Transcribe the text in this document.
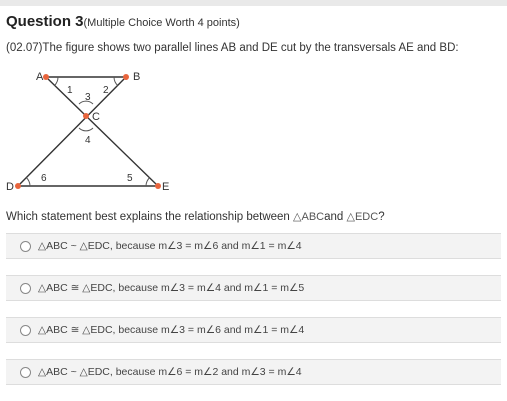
Question 3(Multiple Choice Worth 4 points)
(02.07)The figure shows two parallel lines AB and DE cut by the transversals AE and BD:
A	B
C
D	E
1	2
3
4
6	5
Which statement best explains the relationship between △ABCand △EDC?
△ABC ~ △EDC, because m∠3 = m∠6 and m∠1 = m∠4
△ABC ≅ △EDC, because m∠3 = m∠4 and m∠1 = m∠5
△ABC ≅ △EDC, because m∠3 = m∠6 and m∠1 = m∠4
△ABC ~ △EDC, because m∠6 = m∠2 and m∠3 = m∠4
